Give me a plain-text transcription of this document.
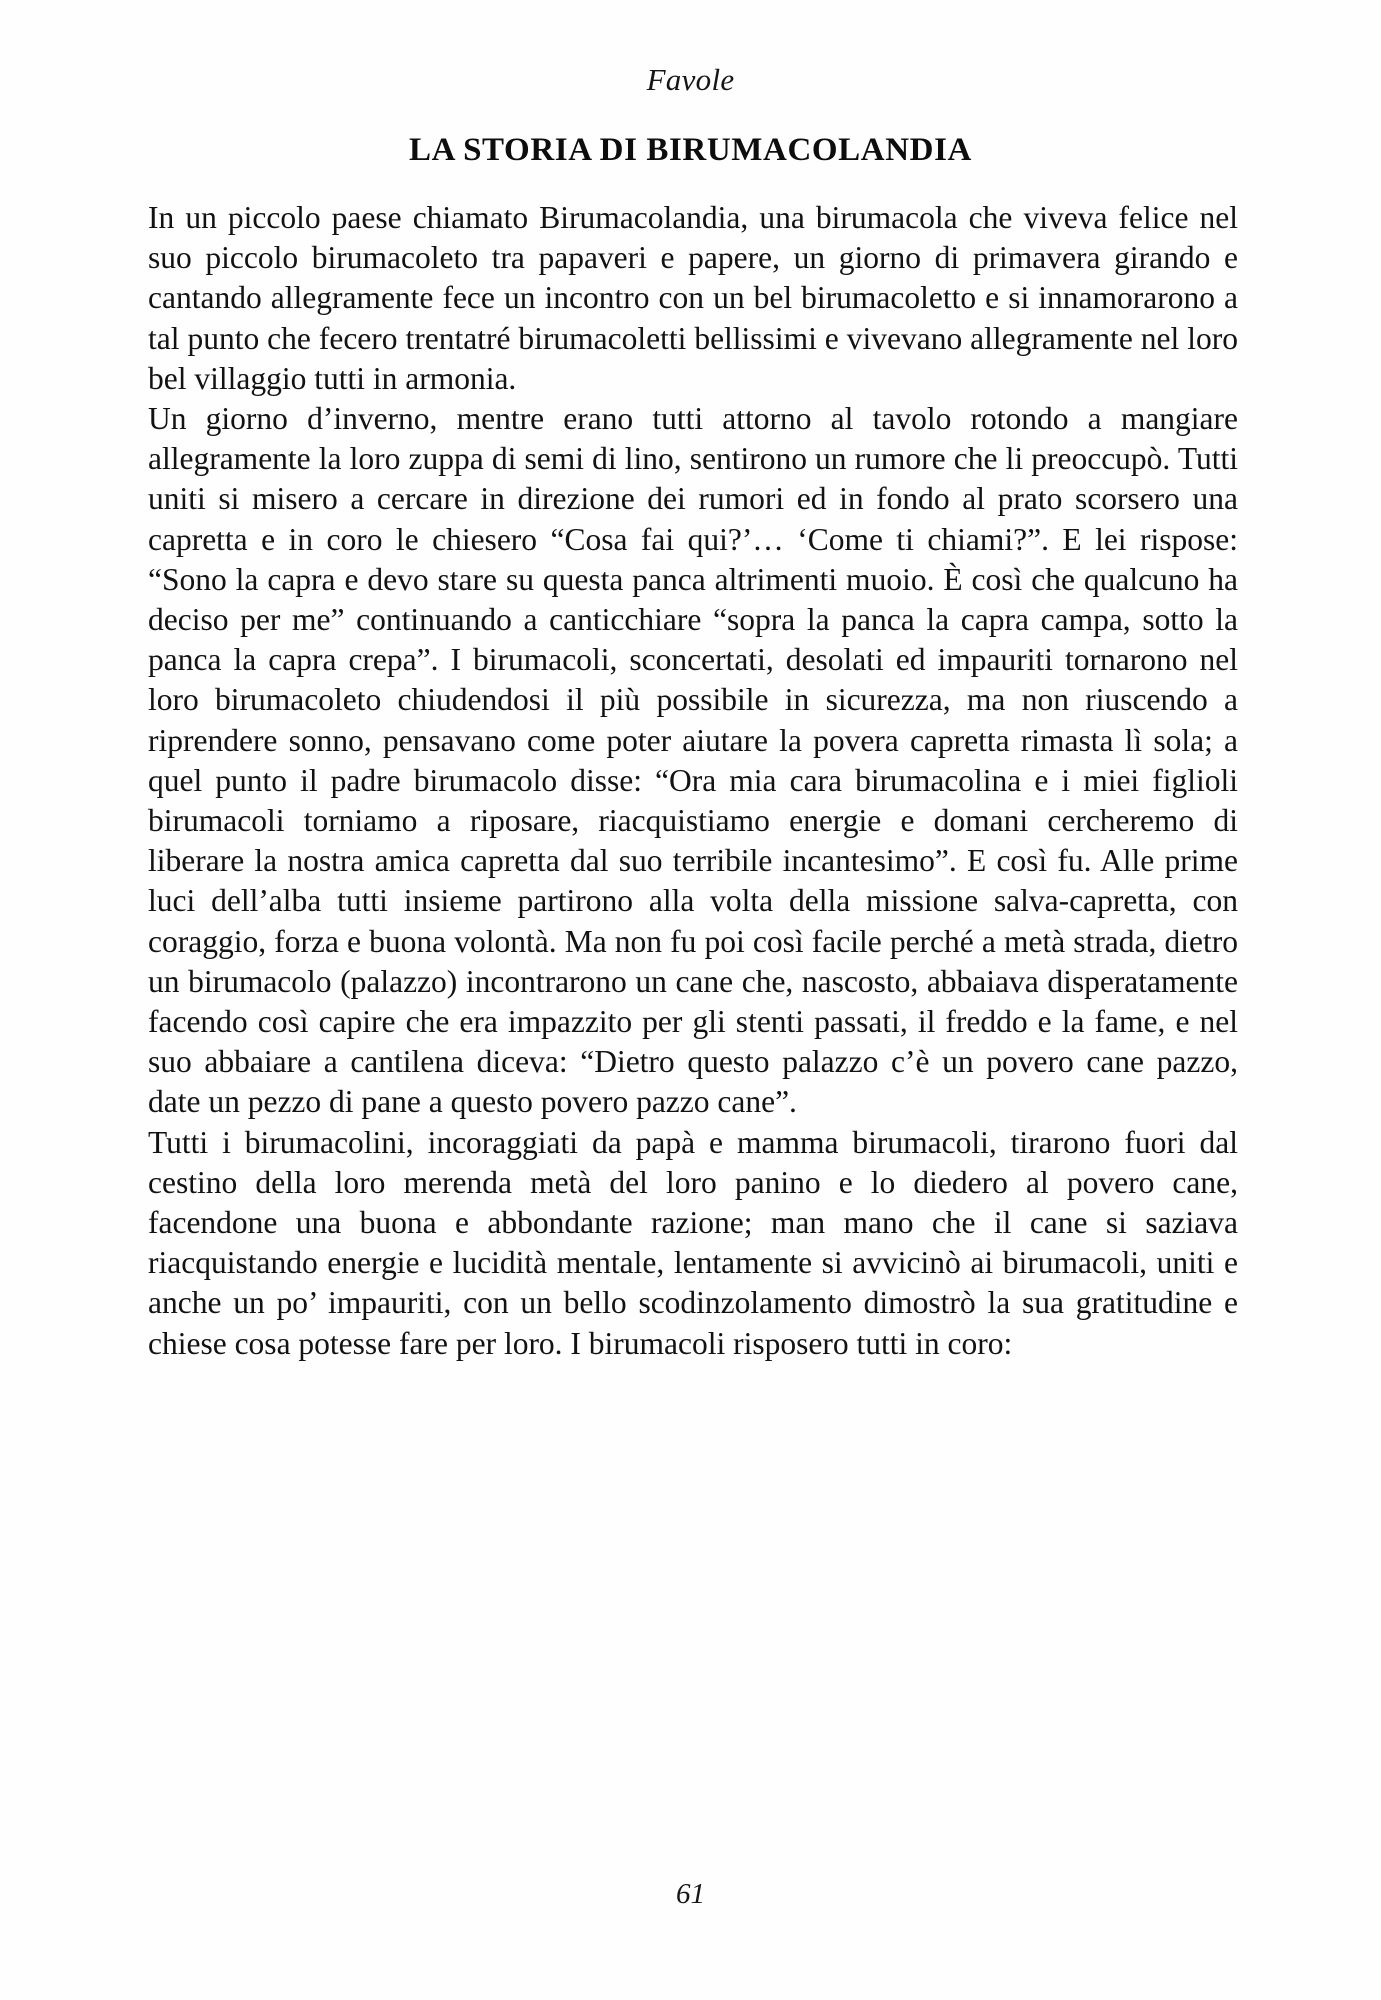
Favole
LA STORIA DI BIRUMACOLANDIA

In un piccolo paese chiamato Birumacolandia, una birumacola che viveva felice nel suo piccolo birumacoleto tra papaveri e papere, un giorno di primavera girando e cantando allegramente fece un incontro con un bel birumacoletto e si innamorarono a tal punto che fecero trentatré birumacoletti bellissimi e vivevano allegramente nel loro bel villaggio tutti in armonia.

Un giorno d’inverno, mentre erano tutti attorno al tavolo rotondo a mangiare allegramente la loro zuppa di semi di lino, sentirono un rumore che li preoccupò. Tutti uniti si misero a cercare in direzione dei rumori ed in fondo al prato scorsero una capretta e in coro le chiesero “Cosa fai qui?’… ‘Come ti chiami?”. E lei rispose: “Sono la capra e devo stare su questa panca altrimenti muoio. È così che qualcuno ha deciso per me” continuando a canticchiare “sopra la panca la capra campa, sotto la panca la capra crepa”. I birumacoli, sconcertati, desolati ed impauriti tornarono nel loro birumacoleto chiudendosi il più possibile in sicurezza, ma non riuscendo a riprendere sonno, pensavano come poter aiutare la povera capretta rimasta lì sola; a quel punto il padre birumacolo disse: “Ora mia cara birumacolina e i miei figlioli birumacoli torniamo a riposare, riacquistiamo energie e domani cercheremo di liberare la nostra amica capretta dal suo terribile incantesimo”. E così fu. Alle prime luci dell’alba tutti insieme partirono alla volta della missione salva-capretta, con coraggio, forza e buona volontà. Ma non fu poi così facile perché a metà strada, dietro un birumacolo (palazzo) incontrarono un cane che, nascosto, abbaiava disperatamente facendo così capire che era impazzito per gli stenti passati, il freddo e la fame, e nel suo abbaiare a cantilena diceva: “Dietro questo palazzo c’è un povero cane pazzo, date un pezzo di pane a questo povero pazzo cane”.

Tutti i birumacolini, incoraggiati da papà e mamma birumacoli, tirarono fuori dal cestino della loro merenda metà del loro panino e lo diedero al povero cane, facendone una buona e abbondante razione; man mano che il cane si saziava riacquistando energie e lucidità mentale, lentamente si avvicinò ai birumacoli, uniti e anche un po’ impauriti, con un bello scodinzolamento dimostrò la sua gratitudine e chiese cosa potesse fare per loro. I birumacoli risposero tutti in coro:

61
